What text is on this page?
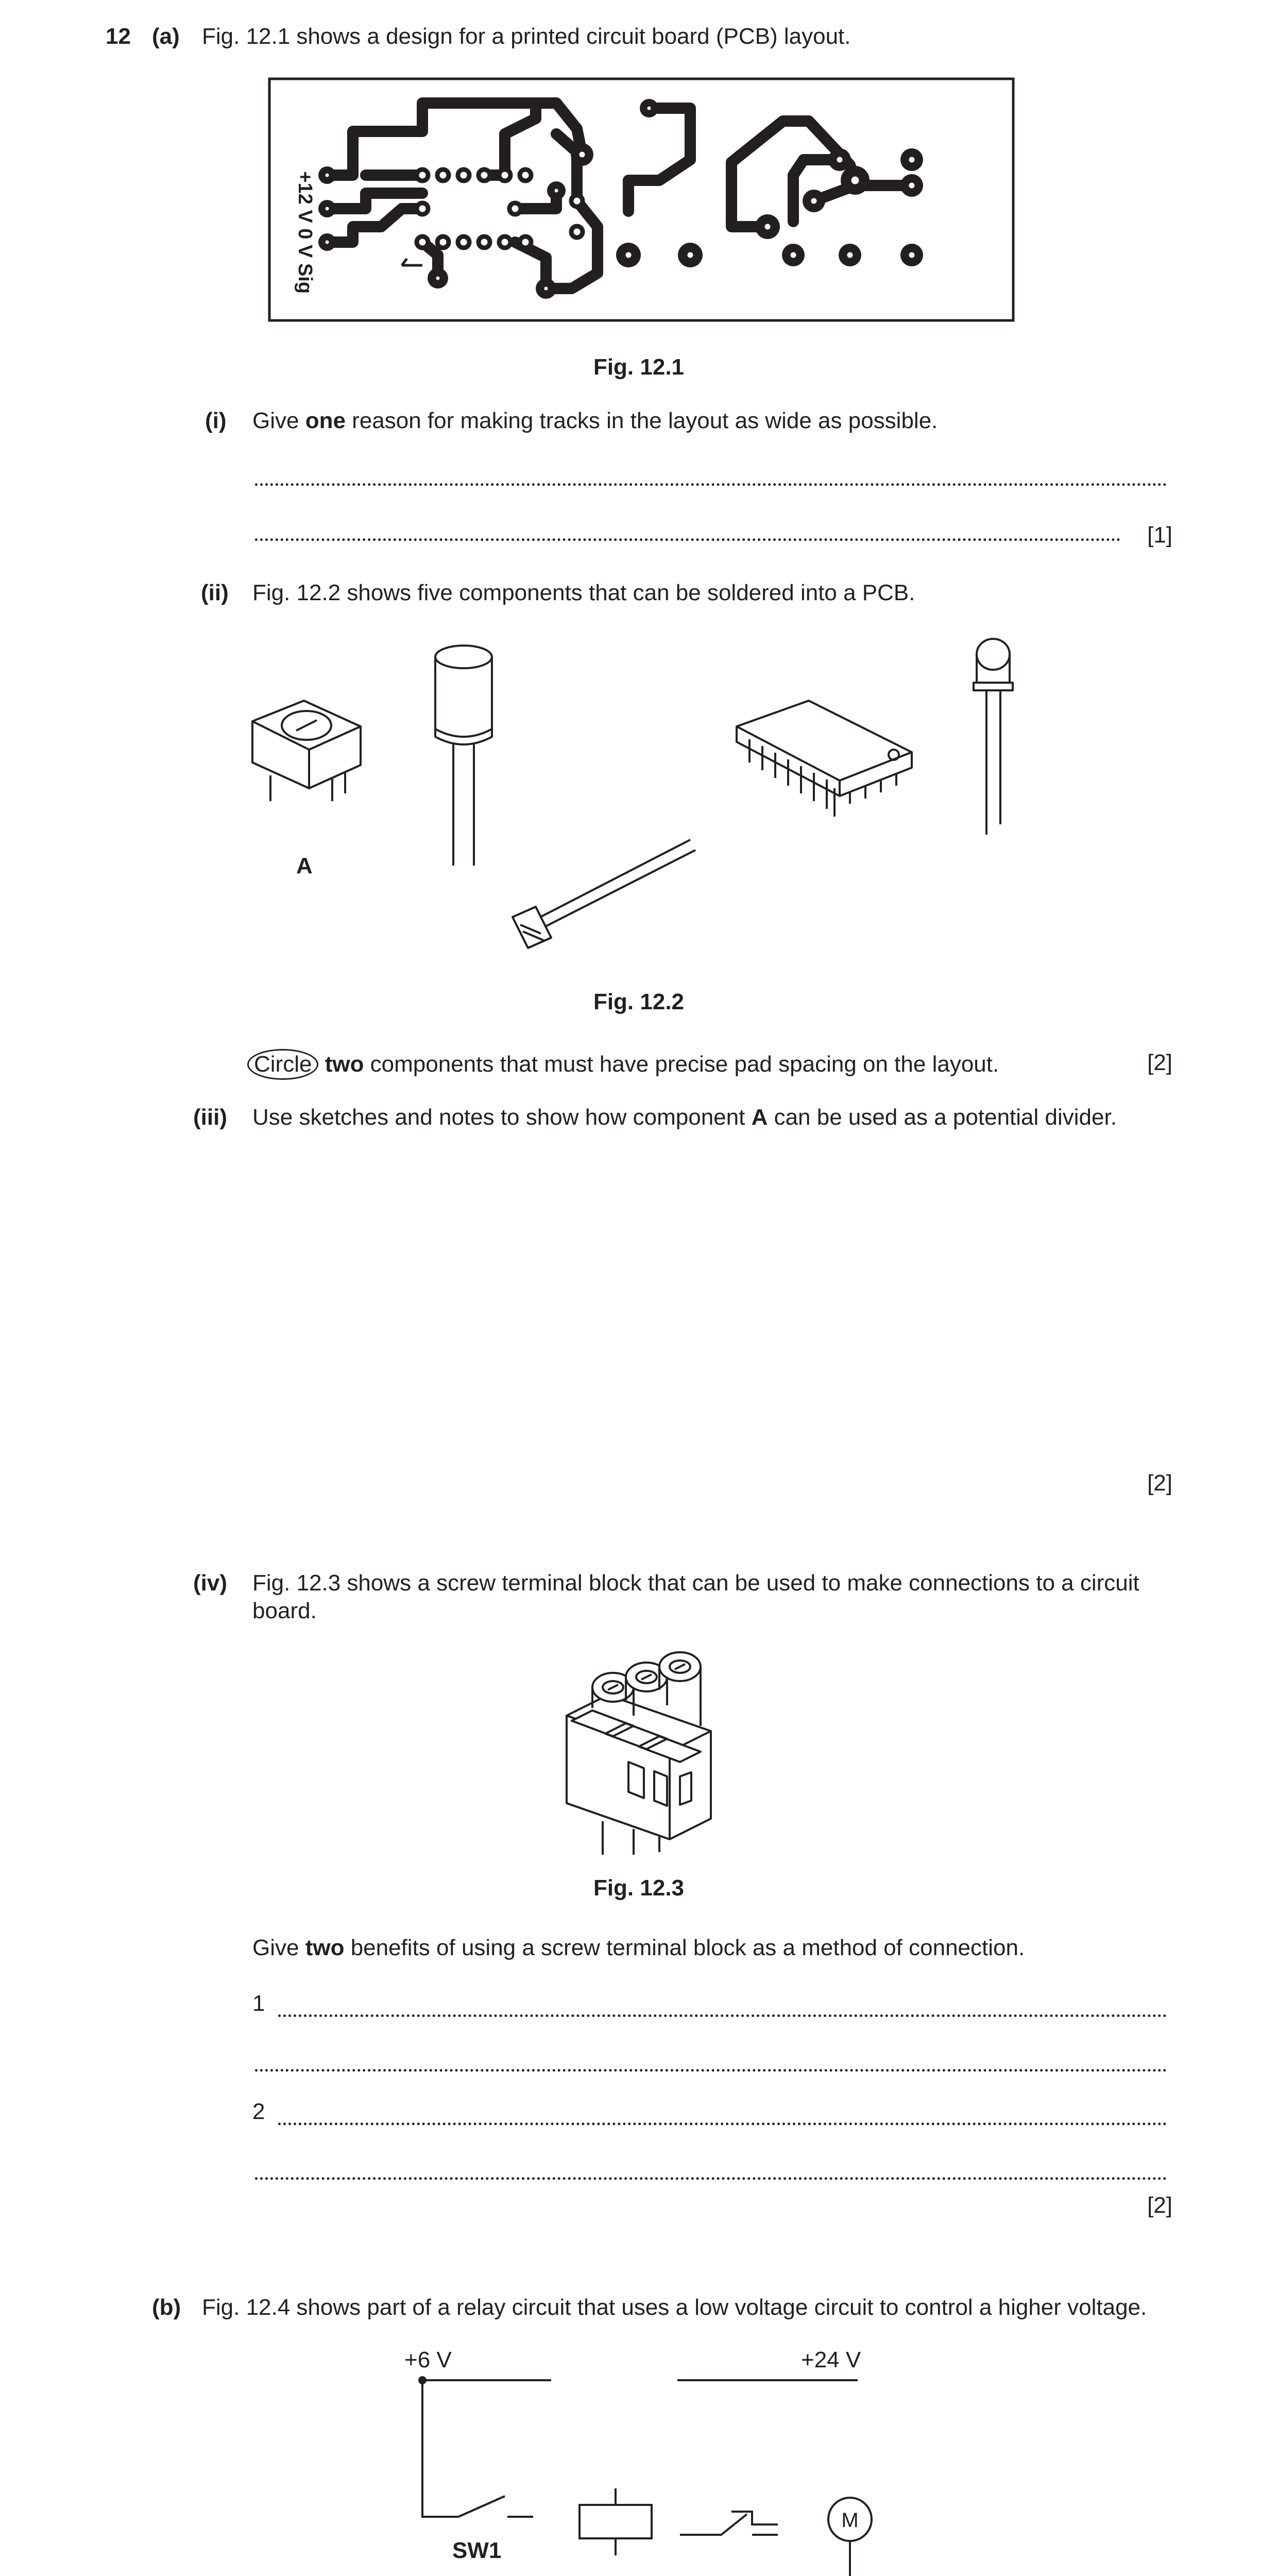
12 (a) Fig. 12.1 shows a design for a printed circuit board (PCB) layout.
+12 V 0 V Sig
Fig. 12.1
(i) Give one reason for making tracks in the layout as wide as possible.
[1]
(ii) Fig. 12.2 shows five components that can be soldered into a PCB.
A
Fig. 12.2
Circle two components that must have precise pad spacing on the layout.	[2]
(iii) Use sketches and notes to show how component A can be used as a potential divider.
[2]
(iv) Fig. 12.3 shows a screw terminal block that can be used to make connections to a circuit
board.
Fig. 12.3
Give two benefits of using a screw terminal block as a method of connection.
1
2
[2]
(b) Fig. 12.4 shows part of a relay circuit that uses a low voltage circuit to control a higher voltage.
+6 V	+24 V
SW1
M
